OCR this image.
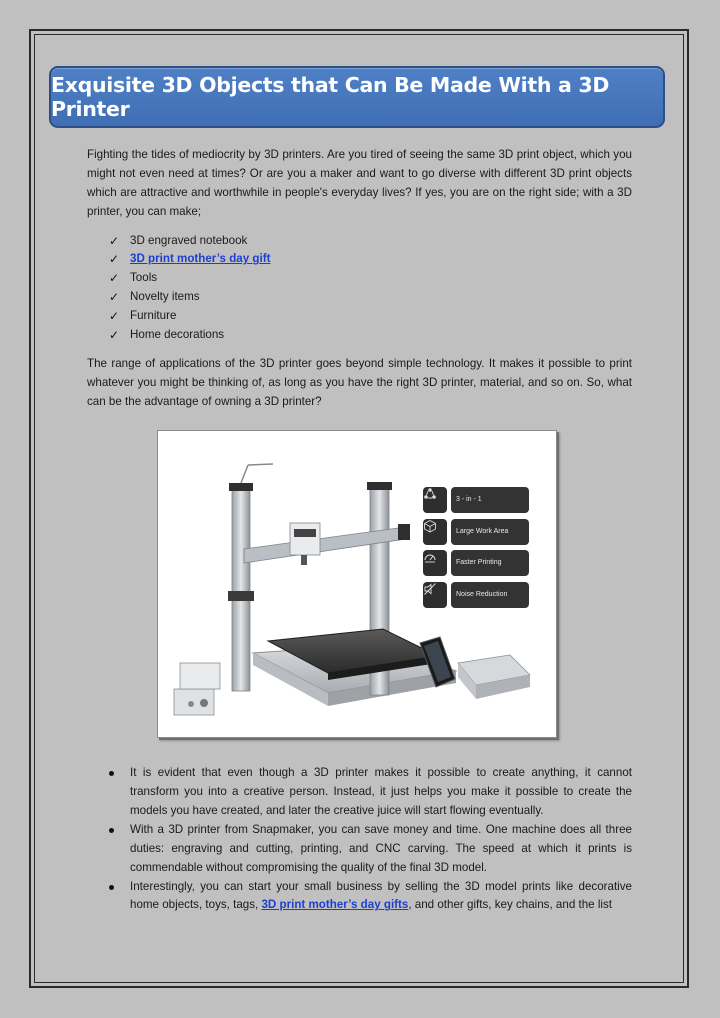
Exquisite 3D Objects that Can Be Made With a 3D Printer

Fighting the tides of mediocrity by 3D printers. Are you tired of seeing the same 3D print object, which you might not even need at times? Or are you a maker and want to go diverse with different 3D print objects which are attractive and worthwhile in people's everyday lives? If yes, you are on the right side; with a 3D printer, you can make;

✓ 3D engraved notebook
✓ 3D print mother’s day gift
✓ Tools
✓ Novelty items
✓ Furniture
✓ Home decorations

The range of applications of the 3D printer goes beyond simple technology. It makes it possible to print whatever you might be thinking of, as long as you have the right 3D printer, material, and so on. So, what can be the advantage of owning a 3D printer?

3 - in - 1
Large Work Area
Faster Printing
Noise Reduction
It is evident that even though a 3D printer makes it possible to create anything, it cannot transform you into a creative person. Instead, it just helps you make it possible to create the models you have created, and later the creative juice will start flowing eventually.
With a 3D printer from Snapmaker, you can save money and time. One machine does all three duties: engraving and cutting, printing, and CNC carving. The speed at which it prints is commendable without compromising the quality of the final 3D model.
Interestingly, you can start your small business by selling the 3D model prints like decorative home objects, toys, tags, 3D print mother’s day gifts, and other gifts, key chains, and the list
